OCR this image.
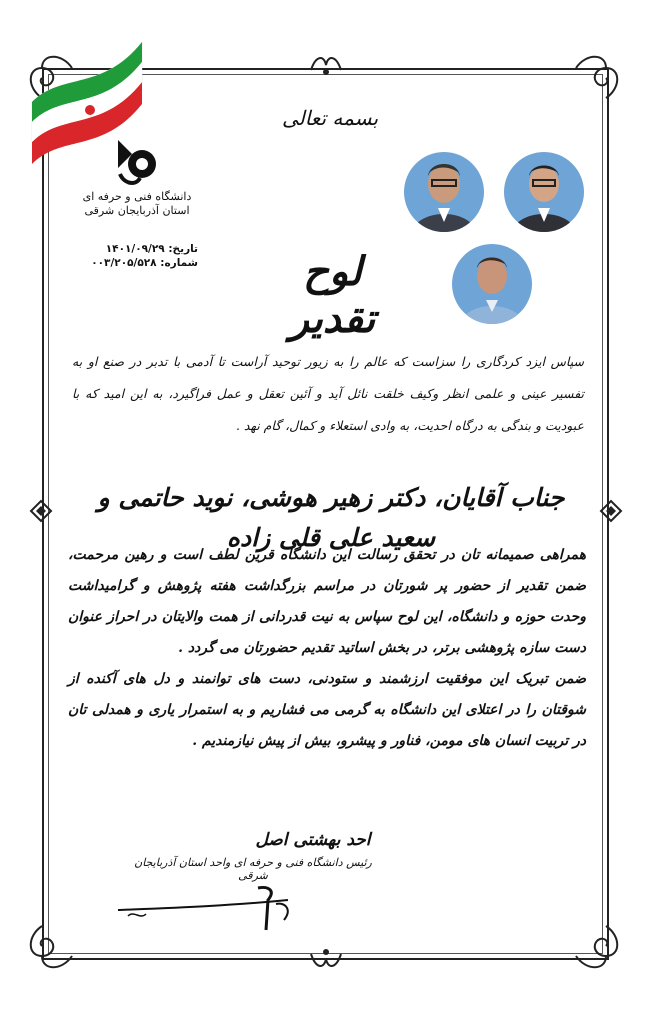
دانشگاه فنی و حرفه ای
استان آذربایجان شرقی
تاریخ: ۱۴۰۱/۰۹/۲۹
شماره: ۰۰۳/۲۰۵/۵۲۸
بسمه تعالی
لوح تقدیر
سپاس ایزد کردگاری را سزاست که عالم را به زیور توحید آراست تا آدمی با تدبر در صنع او به تفسیر عینی و علمی انظر وکیف خلقت نائل آید و آئین تعقل و عمل فراگیرد، به این امید که با عبودیت و بندگی به درگاه احدیت، به وادی استعلاء و کمال، گام نهد .
جناب آقایان، دکتر زهیر هوشی، نوید حاتمی و سعید علی قلی زاده
همراهی صمیمانه تان در تحقق رسالت این دانشگاه قرین لطف است و رهین مرحمت، ضمن تقدیر از حضور پر شورتان در مراسم بزرگداشت هفته پژوهش و گرامیداشت وحدت حوزه و دانشگاه، این لوح سپاس به نیت قدردانی از همت والایتان در احراز عنوان دست سازه پژوهشی برتر، در بخش اساتید تقدیم حضورتان می گردد .
ضمن تبریک این موفقیت ارزشمند و ستودنی، دست های توانمند و دل های آکنده از شوقتان را در اعتلای این دانشگاه به گرمی می فشاریم و به استمرار یاری و همدلی تان در تربیت انسان های مومن، فناور و پیشرو، بیش از پیش نیازمندیم .
احد بهشتی اصل
رئیس دانشگاه فنی و حرفه ای واحد استان آذربایجان شرقی
